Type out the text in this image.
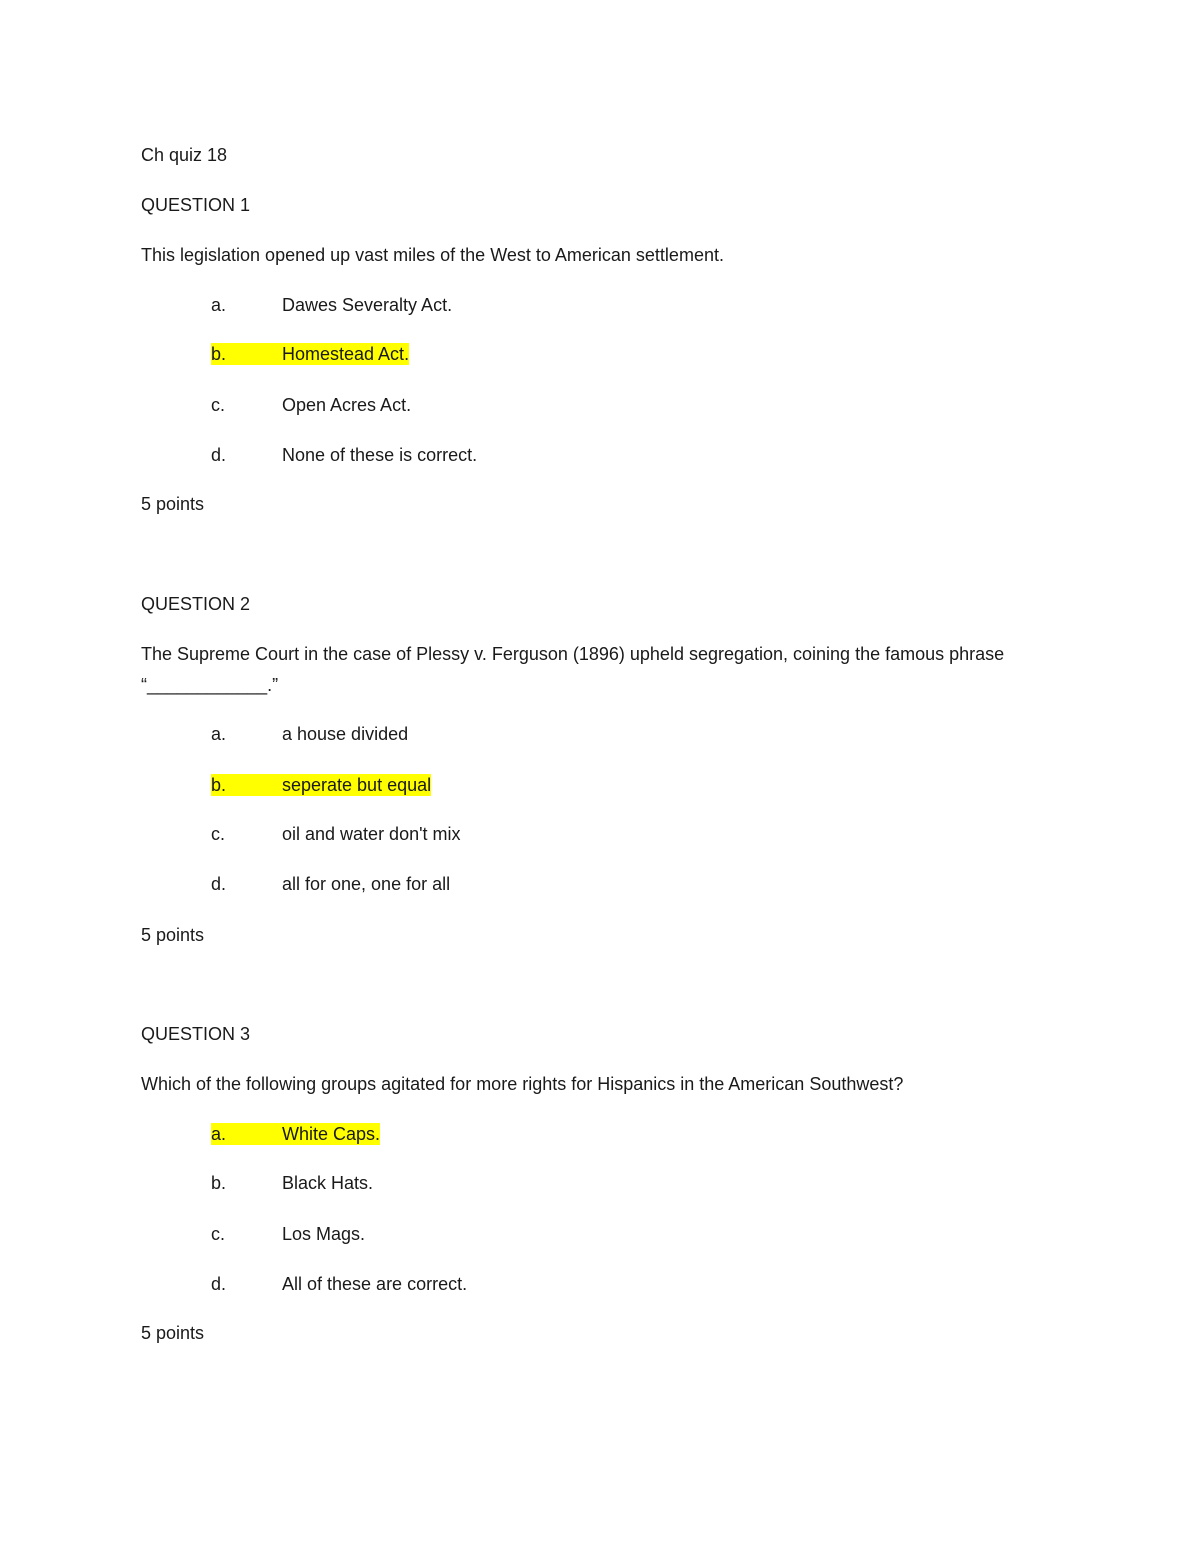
Ch quiz 18
QUESTION 1
This legislation opened up vast miles of the West to American settlement.
a.	Dawes Severalty Act.
b.	Homestead Act.
c.	Open Acres Act.
d.	None of these is correct.
5 points
QUESTION 2
The Supreme Court in the case of Plessy v. Ferguson (1896) upheld segregation, coining the famous phrase “____________.”
a.	a house divided
b.	seperate but equal
c.	oil and water don't mix
d.	all for one, one for all
5 points
QUESTION 3
Which of the following groups agitated for more rights for Hispanics in the American Southwest?
a.	White Caps.
b.	Black Hats.
c.	Los Mags.
d.	All of these are correct.
5 points
